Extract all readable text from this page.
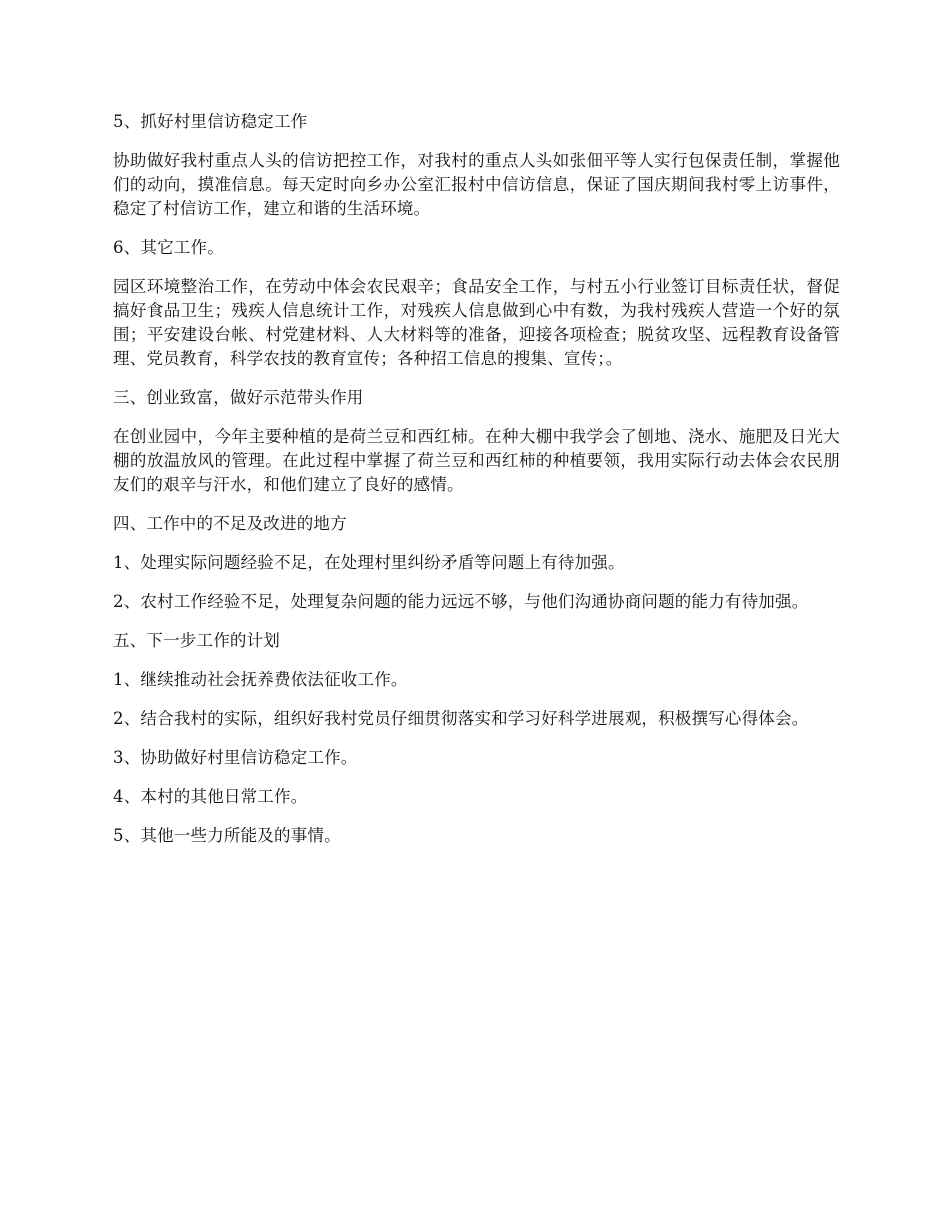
5、抓好村里信访稳定工作

协助做好我村重点人头的信访把控工作，对我村的重点人头如张佃平等人实行包保责任制，掌握他们的动向，摸准信息。每天定时向乡办公室汇报村中信访信息，保证了国庆期间我村零上访事件，稳定了村信访工作，建立和谐的生活环境。

6、其它工作。

园区环境整治工作，在劳动中体会农民艰辛；食品安全工作，与村五小行业签订目标责任状，督促搞好食品卫生；残疾人信息统计工作，对残疾人信息做到心中有数，为我村残疾人营造一个好的氛围；平安建设台帐、村党建材料、人大材料等的准备，迎接各项检查；脱贫攻坚、远程教育设备管理、党员教育，科学农技的教育宣传；各种招工信息的搜集、宣传；。

三、创业致富，做好示范带头作用

在创业园中，今年主要种植的是荷兰豆和西红柿。在种大棚中我学会了刨地、浇水、施肥及日光大棚的放温放风的管理。在此过程中掌握了荷兰豆和西红柿的种植要领，我用实际行动去体会农民朋友们的艰辛与汗水，和他们建立了良好的感情。

四、工作中的不足及改进的地方

1、处理实际问题经验不足，在处理村里纠纷矛盾等问题上有待加强。

2、农村工作经验不足，处理复杂问题的能力远远不够，与他们沟通协商问题的能力有待加强。

五、下一步工作的计划

1、继续推动社会抚养费依法征收工作。

2、结合我村的实际，组织好我村党员仔细贯彻落实和学习好科学进展观，积极撰写心得体会。

3、协助做好村里信访稳定工作。

4、本村的其他日常工作。

5、其他一些力所能及的事情。
